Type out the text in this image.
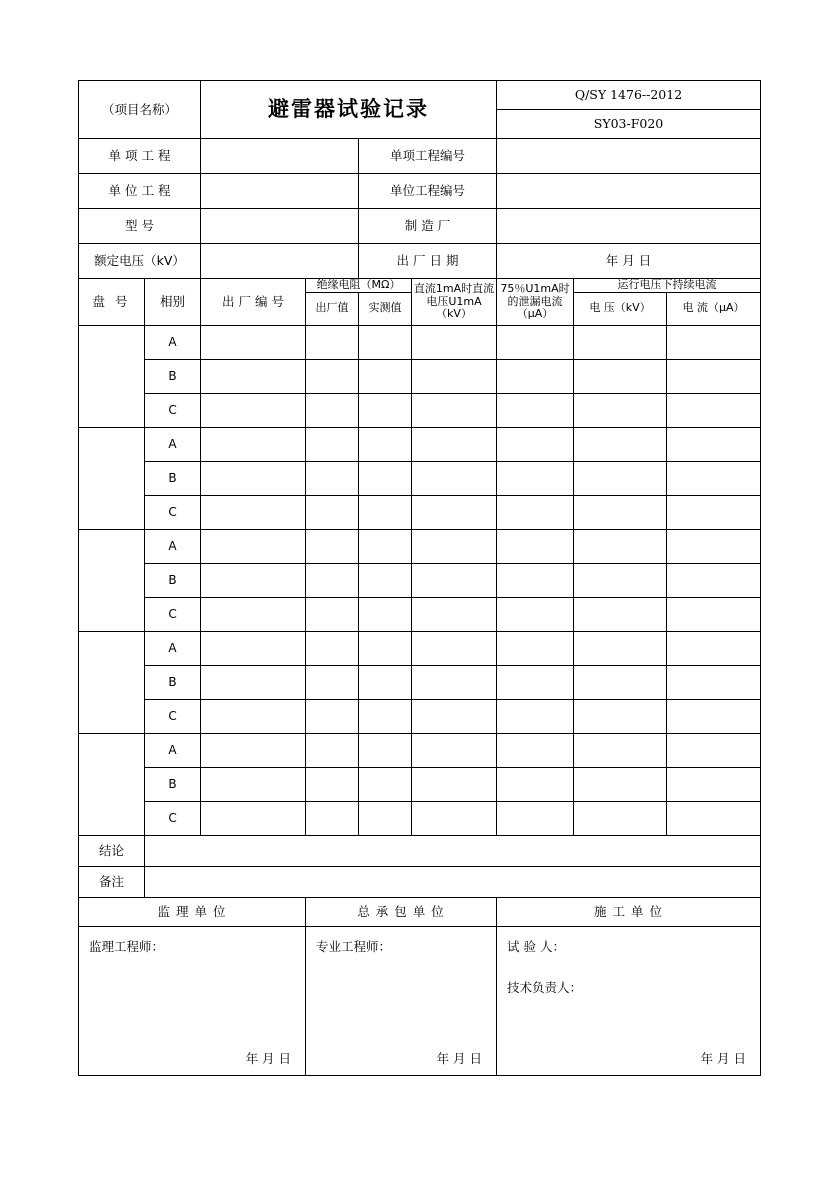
（项目名称）		避雷器试验记录				Q/SY 1476--2012		
						SY03-F020		
单 项 工 程				单项工程编号				
单 位 工 程				单位工程编号				
型 号				制 造 厂				
额定电压（kV）				出 厂 日 期		年 月 日		
盘 号	相别	出 厂 编 号	绝缘电阻（MΩ）		直流1mA时直流电压U1mA（kV）	75％U1mA时的泄漏电流（μA）	运行电压下持续电流	
			出厂值	实测值			电 压（kV）	电 流（μA）
	A							
	B							
	C							
	A							
	B							
	C							
	A							
	B							
	C							
	A							
	B							
	C							
	A							
	B							
	C							
结论								
备注								
监 理 单 位			总 承 包 单 位			施 工 单 位		

监理工程师：
年 月 日

专业工程师：
年 月 日

试 验 人：
技术负责人：
年 月 日
